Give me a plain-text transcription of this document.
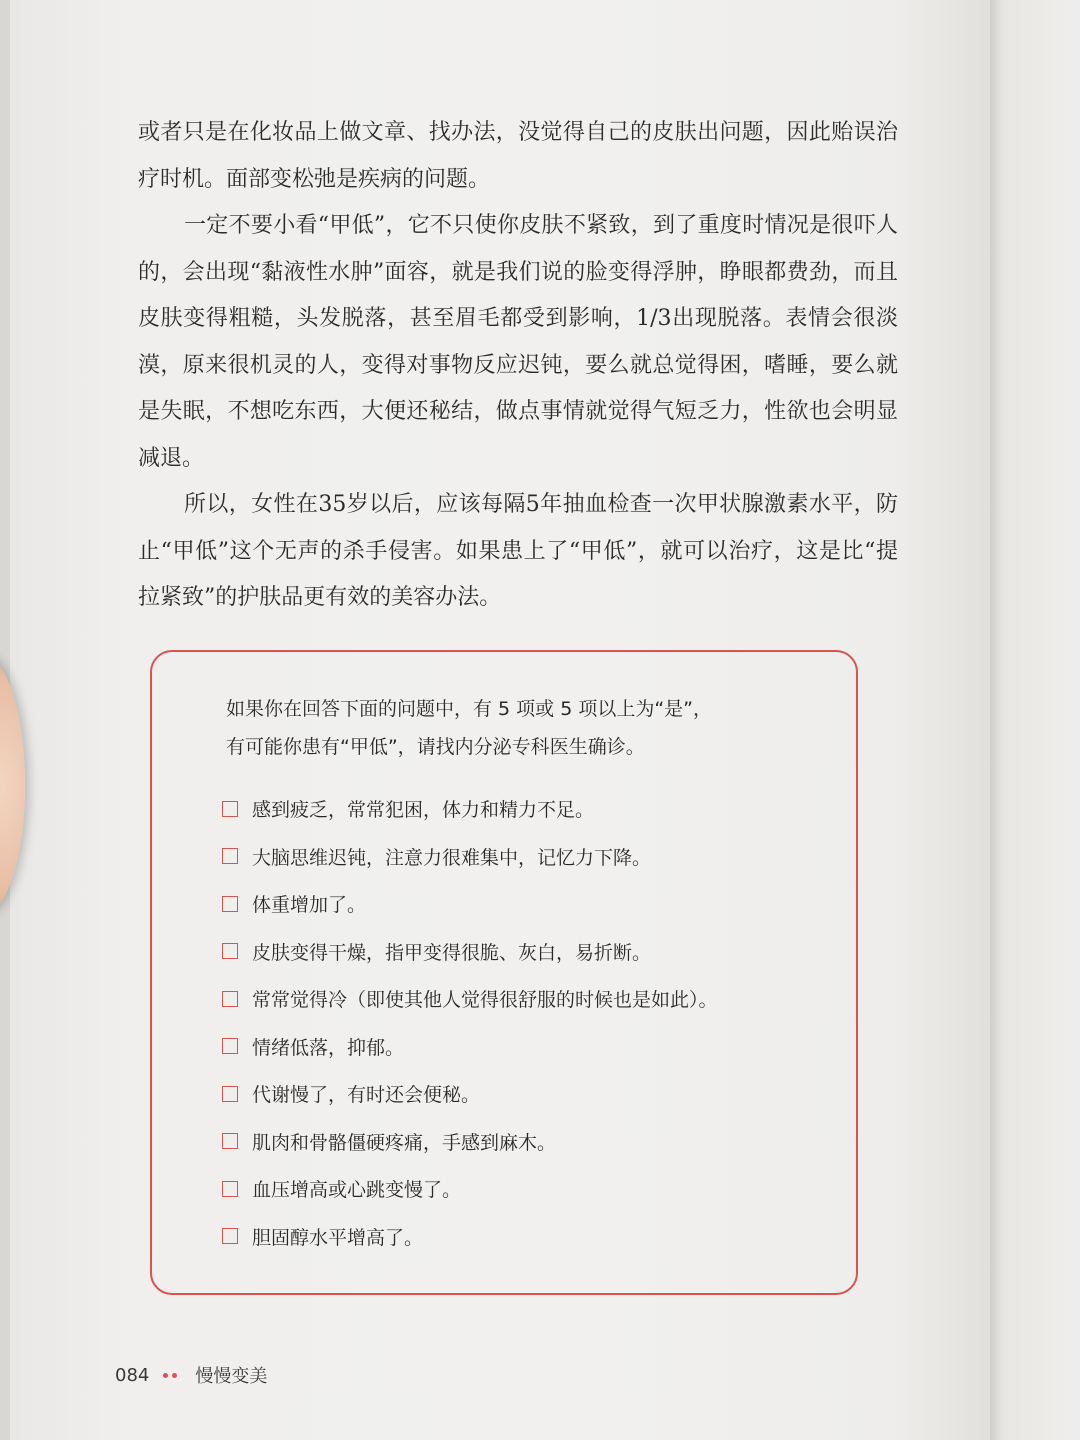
或者只是在化妆品上做文章、找办法，没觉得自己的皮肤出问题，因此贻误治疗时机。面部变松弛是疾病的问题。

一定不要小看“甲低”，它不只使你皮肤不紧致，到了重度时情况是很吓人的，会出现“黏液性水肿”面容，就是我们说的脸变得浮肿，睁眼都费劲，而且皮肤变得粗糙，头发脱落，甚至眉毛都受到影响，1/3出现脱落。表情会很淡漠，原来很机灵的人，变得对事物反应迟钝，要么就总觉得困，嗜睡，要么就是失眠，不想吃东西，大便还秘结，做点事情就觉得气短乏力，性欲也会明显减退。

所以，女性在35岁以后，应该每隔5年抽血检查一次甲状腺激素水平，防止“甲低”这个无声的杀手侵害。如果患上了“甲低”，就可以治疗，这是比“提拉紧致”的护肤品更有效的美容办法。

如果你在回答下面的问题中，有 5 项或 5 项以上为“是”，
有可能你患有“甲低”，请找内分泌专科医生确诊。
感到疲乏，常常犯困，体力和精力不足。
大脑思维迟钝，注意力很难集中，记忆力下降。
体重增加了。
皮肤变得干燥，指甲变得很脆、灰白，易折断。
常常觉得冷（即使其他人觉得很舒服的时候也是如此）。
情绪低落，抑郁。
代谢慢了，有时还会便秘。
肌肉和骨骼僵硬疼痛，手感到麻木。
血压增高或心跳变慢了。
胆固醇水平增高了。
084	慢慢变美
